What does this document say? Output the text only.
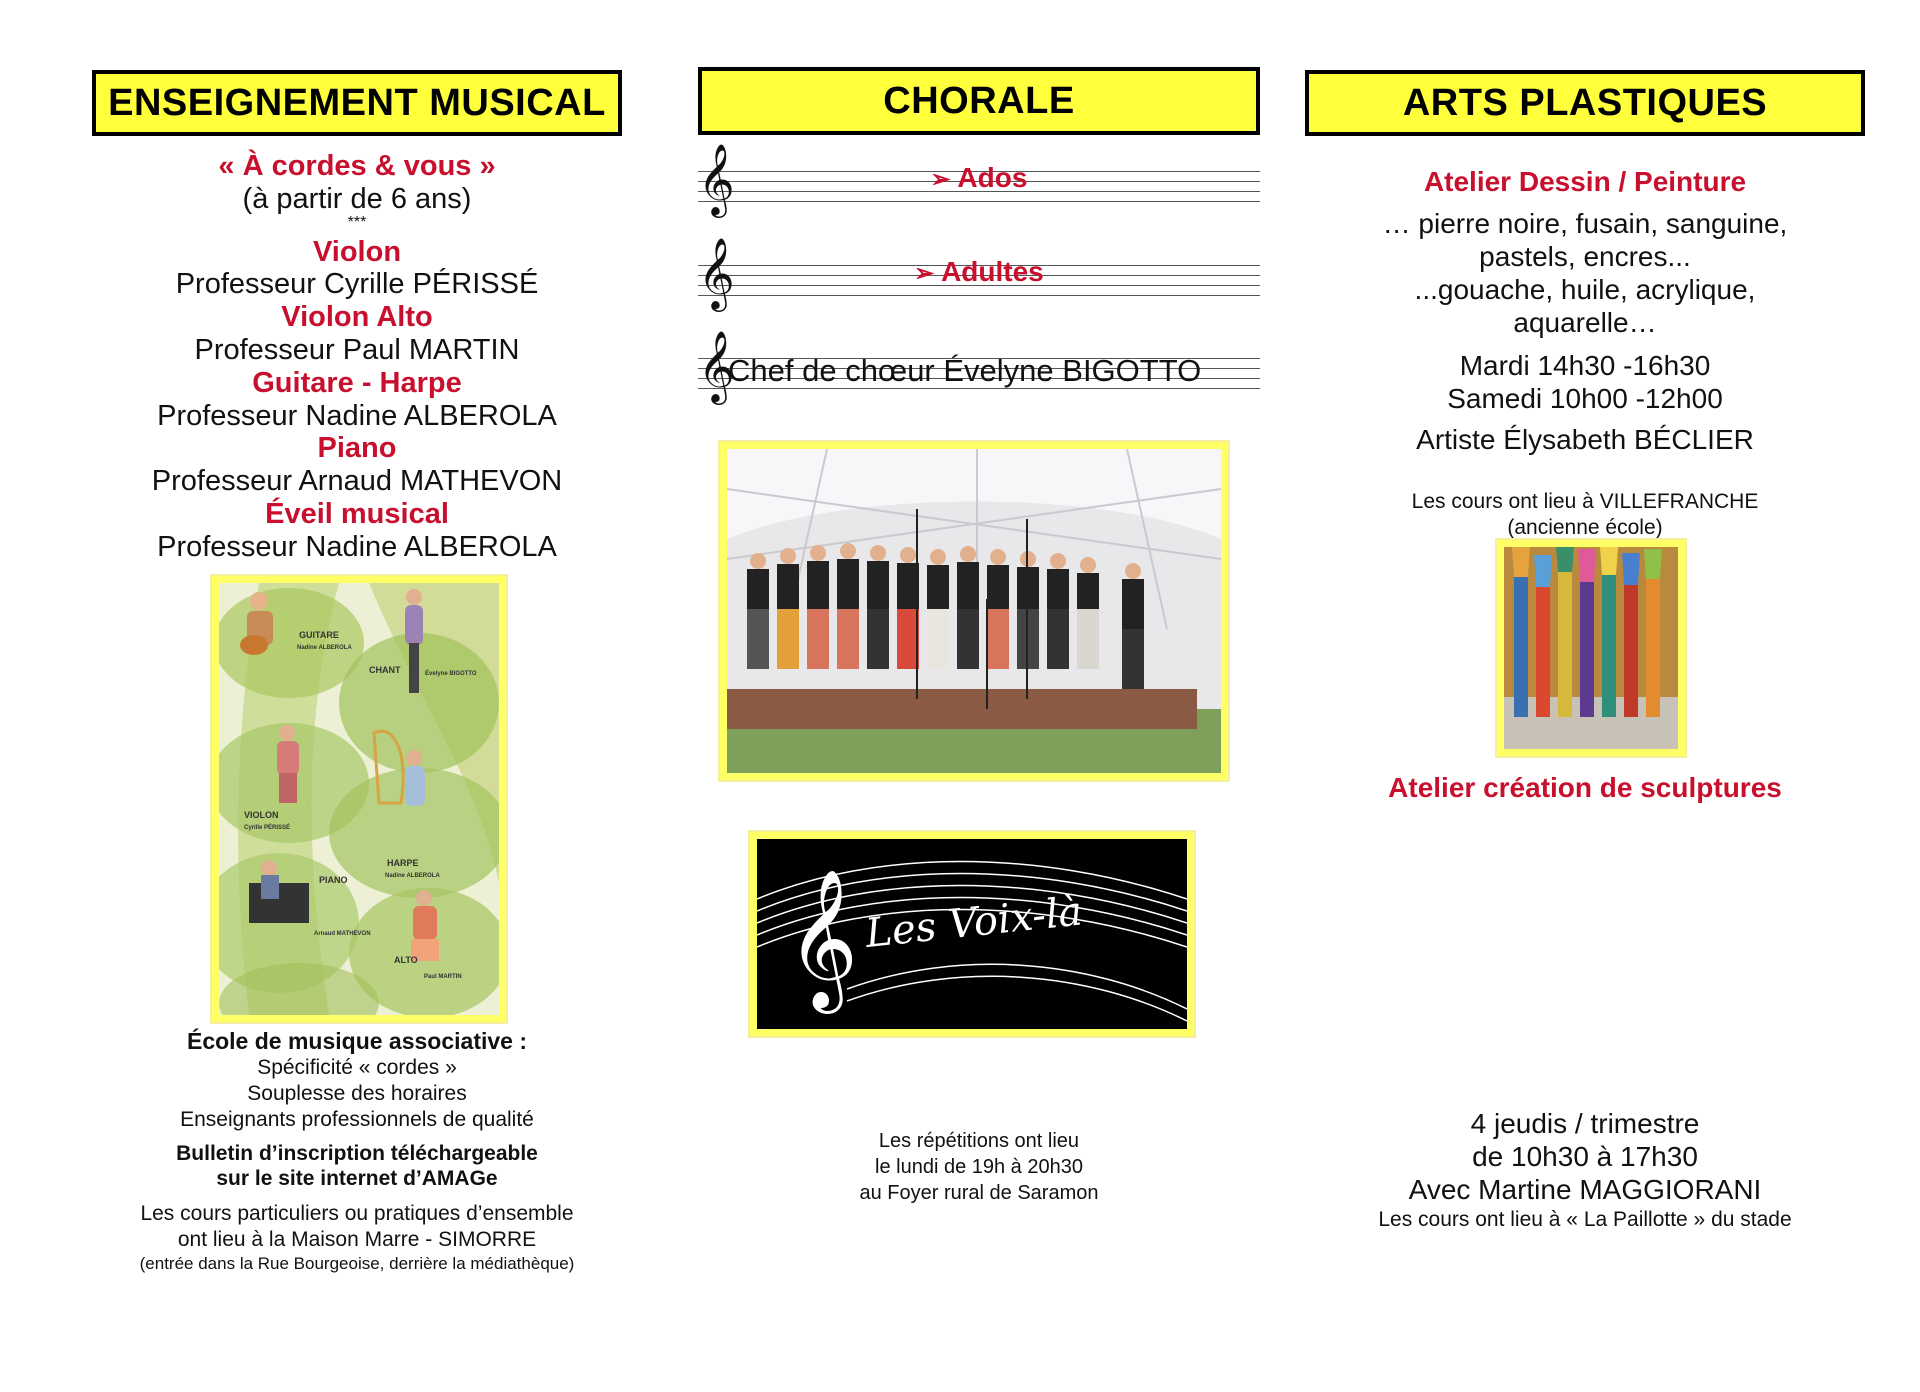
ENSEIGNEMENT MUSICAL
« À cordes & vous »
(à partir de 6 ans)
***
Violon
Professeur Cyrille PÉRISSÉ
Violon Alto
Professeur Paul MARTIN
Guitare - Harpe
Professeur Nadine ALBEROLA
Piano
Professeur Arnaud MATHEVON
Éveil musical
Professeur Nadine ALBEROLA
GUITARE
Nadine ALBEROLA
CHANT	Évelyne BIGOTTO
VIOLON
Cyrille PÉRISSÉ
HARPE
Nadine ALBEROLA
PIANO
Arnaud MATHEVON
ALTO
Paul MARTIN
École de musique associative :
Spécificité « cordes »
Souplesse des horaires
Enseignants professionnels de qualité
Bulletin d’inscription téléchargeable
sur le site internet d’AMAGe
Les cours particuliers ou pratiques d’ensemble
ont lieu à la Maison Marre - SIMORRE
(entrée dans la Rue Bourgeoise, derrière la médiathèque)
CHORALE
𝄞	➢ Ados
𝄞	➢ Adultes
𝄞
Chef de chœur Évelyne BIGOTTO
𝄞 Les Voix-là
Les répétitions ont lieu
le lundi de 19h à 20h30
au Foyer rural de Saramon
ARTS PLASTIQUES
Atelier Dessin / Peinture
… pierre noire, fusain, sanguine,
pastels, encres...
...gouache, huile, acrylique,
aquarelle…
Mardi 14h30 -16h30
Samedi 10h00 -12h00
Artiste Élysabeth BÉCLIER
Les cours ont lieu à VILLEFRANCHE
(ancienne école)
Atelier création de sculptures
4 jeudis / trimestre
de 10h30 à 17h30
Avec Martine MAGGIORANI
Les cours ont lieu à « La Paillotte » du stade
